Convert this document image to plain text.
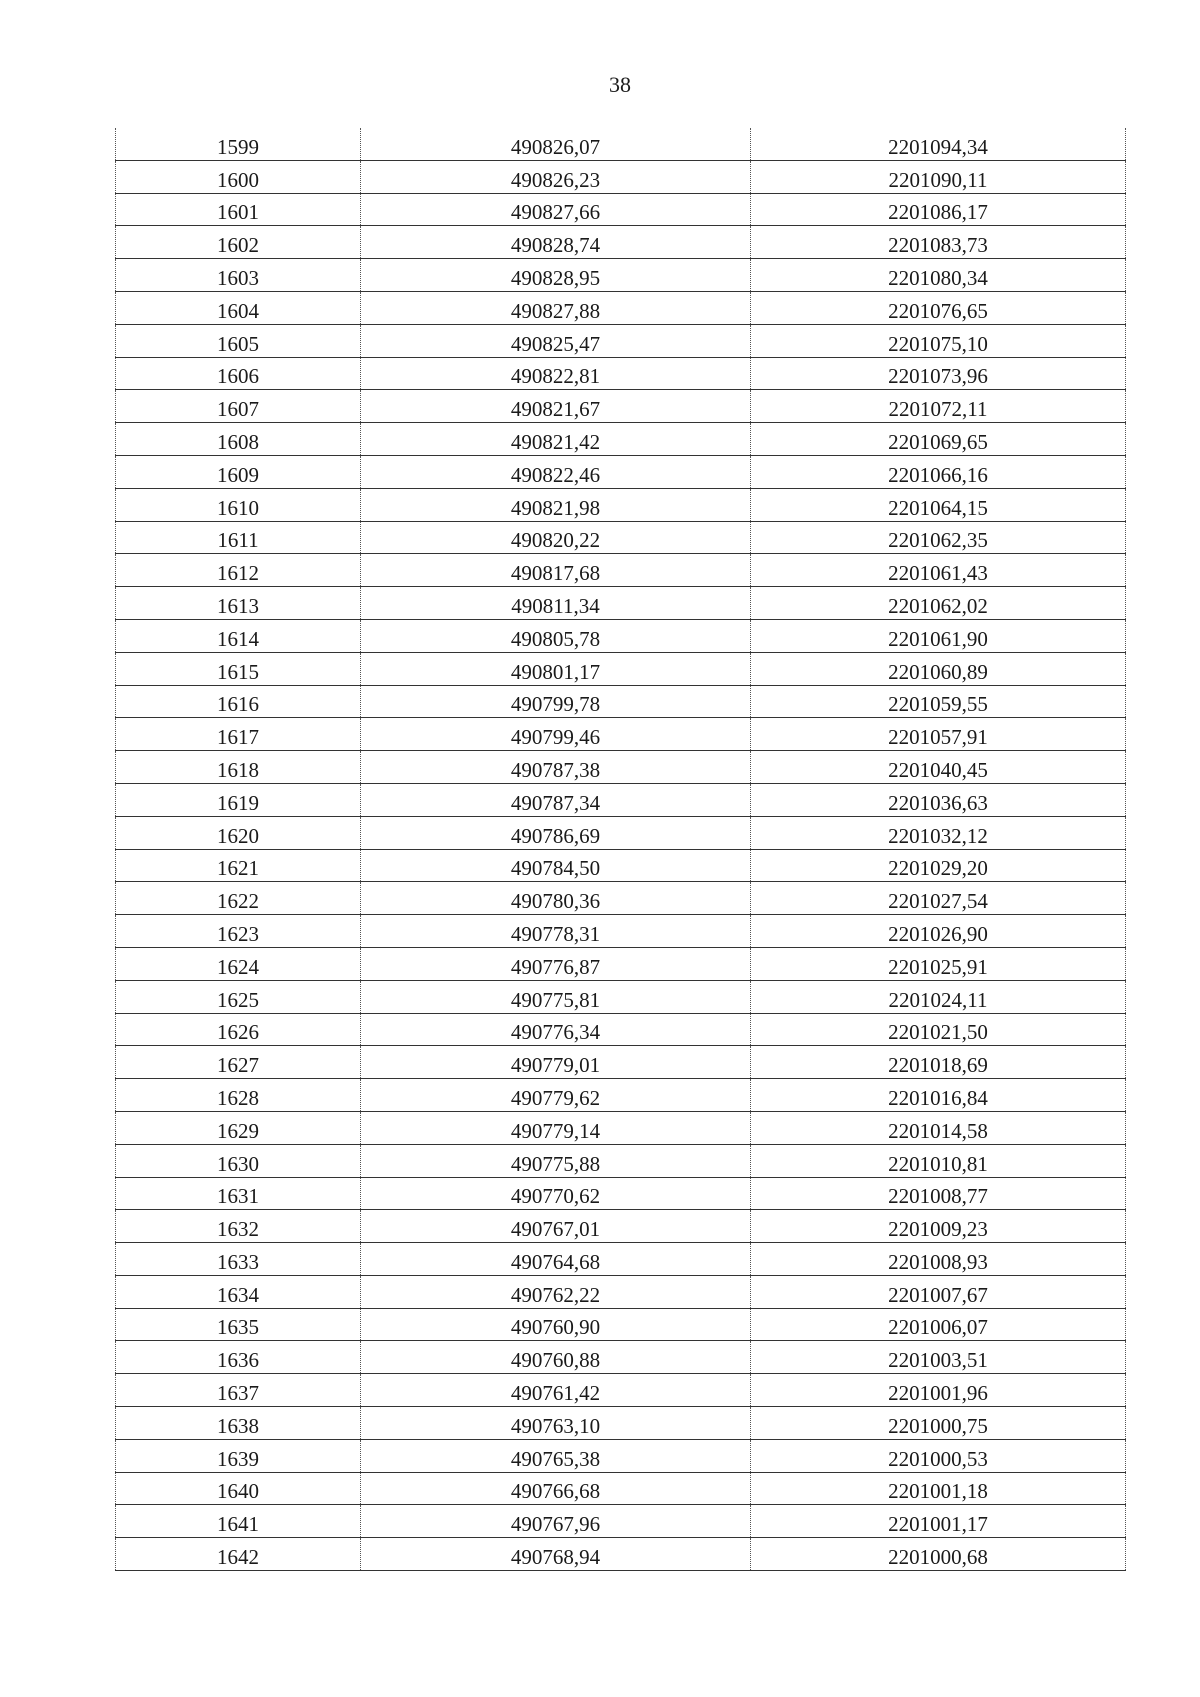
38
1599	490826,07	2201094,34
1600	490826,23	2201090,11
1601	490827,66	2201086,17
1602	490828,74	2201083,73
1603	490828,95	2201080,34
1604	490827,88	2201076,65
1605	490825,47	2201075,10
1606	490822,81	2201073,96
1607	490821,67	2201072,11
1608	490821,42	2201069,65
1609	490822,46	2201066,16
1610	490821,98	2201064,15
1611	490820,22	2201062,35
1612	490817,68	2201061,43
1613	490811,34	2201062,02
1614	490805,78	2201061,90
1615	490801,17	2201060,89
1616	490799,78	2201059,55
1617	490799,46	2201057,91
1618	490787,38	2201040,45
1619	490787,34	2201036,63
1620	490786,69	2201032,12
1621	490784,50	2201029,20
1622	490780,36	2201027,54
1623	490778,31	2201026,90
1624	490776,87	2201025,91
1625	490775,81	2201024,11
1626	490776,34	2201021,50
1627	490779,01	2201018,69
1628	490779,62	2201016,84
1629	490779,14	2201014,58
1630	490775,88	2201010,81
1631	490770,62	2201008,77
1632	490767,01	2201009,23
1633	490764,68	2201008,93
1634	490762,22	2201007,67
1635	490760,90	2201006,07
1636	490760,88	2201003,51
1637	490761,42	2201001,96
1638	490763,10	2201000,75
1639	490765,38	2201000,53
1640	490766,68	2201001,18
1641	490767,96	2201001,17
1642	490768,94	2201000,68
